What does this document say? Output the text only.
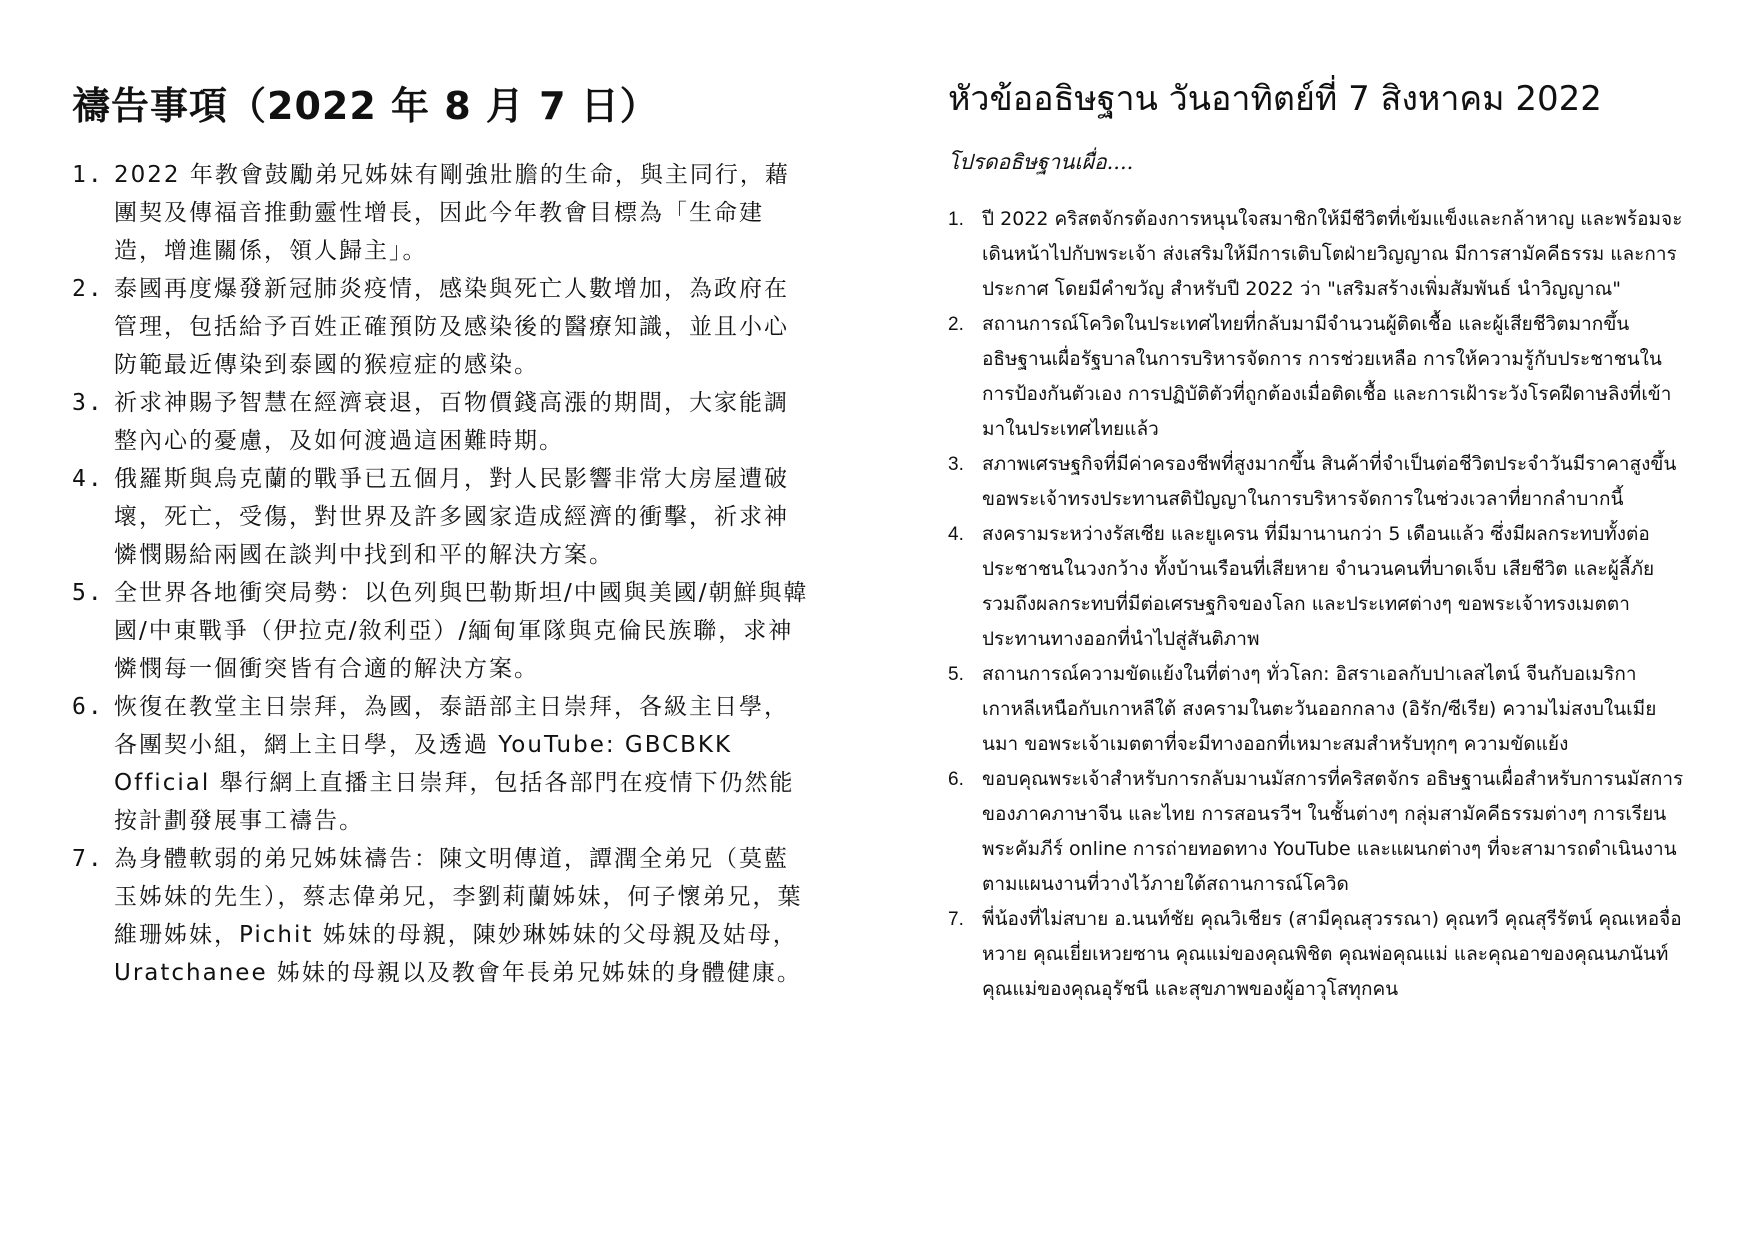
禱告事項（2022 年 8 月 7 日）
1. 2022 年教會鼓勵弟兄姊妹有剛強壯膽的生命，與主同行，藉團契及傳福音推動靈性增長，因此今年教會目標為「生命建造，增進關係，領人歸主」。
2. 泰國再度爆發新冠肺炎疫情，感染與死亡人數增加，為政府在管理，包括給予百姓正確預防及感染後的醫療知識，並且小心防範最近傳染到泰國的猴痘症的感染。
3. 祈求神賜予智慧在經濟衰退，百物價錢高漲的期間，大家能調整內心的憂慮，及如何渡過這困難時期。
4. 俄羅斯與烏克蘭的戰爭已五個月，對人民影響非常大房屋遭破壞，死亡，受傷，對世界及許多國家造成經濟的衝擊，祈求神憐憫賜給兩國在談判中找到和平的解決方案。
5. 全世界各地衝突局勢：以色列與巴勒斯坦/中國與美國/朝鮮與韓國/中東戰爭（伊拉克/敘利亞）/緬甸軍隊與克倫民族聯，求神憐憫每一個衝突皆有合適的解決方案。
6. 恢復在教堂主日崇拜，為國，泰語部主日崇拜，各級主日學，各團契小組，網上主日學，及透過 YouTube: GBCBKK Official 舉行網上直播主日崇拜，包括各部門在疫情下仍然能按計劃發展事工禱告。
7. 為身體軟弱的弟兄姊妹禱告：陳文明傳道，譚潤全弟兄（莫藍玉姊妹的先生），蔡志偉弟兄，李劉莉蘭姊妹，何子懷弟兄，葉維珊姊妹，Pichit 姊妹的母親，陳妙琳姊妹的父母親及姑母，Uratchanee 姊妹的母親以及教會年長弟兄姊妹的身體健康。
หัวข้ออธิษฐาน วันอาทิตย์ที่ 7 สิงหาคม 2022
โปรดอธิษฐานเผื่อ....
1. ปี 2022 คริสตจักรต้องการหนุนใจสมาชิกให้มีชีวิตที่เข้มแข็งและกล้าหาญ และพร้อมจะเดินหน้าไปกับพระเจ้า ส่งเสริมให้มีการเติบโตฝ่ายวิญญาณ มีการสามัคคีธรรม และการประกาศ โดยมีคำขวัญ สำหรับปี 2022 ว่า "เสริมสร้างเพิ่มสัมพันธ์ นำวิญญาณ"
2. สถานการณ์โควิดในประเทศไทยที่กลับมามีจำนวนผู้ติดเชื้อ และผู้เสียชีวิตมากขึ้น อธิษฐานเผื่อรัฐบาลในการบริหารจัดการ การช่วยเหลือ การให้ความรู้กับประชาชนในการป้องกันตัวเอง การปฏิบัติตัวที่ถูกต้องเมื่อติดเชื้อ และการเฝ้าระวังโรคฝีดาษลิงที่เข้ามาในประเทศไทยแล้ว
3. สภาพเศรษฐกิจที่มีค่าครองชีพที่สูงมากขึ้น สินค้าที่จำเป็นต่อชีวิตประจำวันมีราคาสูงขึ้น ขอพระเจ้าทรงประทานสติปัญญาในการบริหารจัดการในช่วงเวลาที่ยากลำบากนี้
4. สงครามระหว่างรัสเซีย และยูเครน ที่มีมานานกว่า 5 เดือนแล้ว ซึ่งมีผลกระทบทั้งต่อประชาชนในวงกว้าง ทั้งบ้านเรือนที่เสียหาย จำนวนคนที่บาดเจ็บ เสียชีวิต และผู้ลี้ภัย รวมถึงผลกระทบที่มีต่อเศรษฐกิจของโลก และประเทศต่างๆ ขอพระเจ้าทรงเมตตา ประทานทางออกที่นำไปสู่สันติภาพ
5. สถานการณ์ความขัดแย้งในที่ต่างๆ ทั่วโลก: อิสราเอลกับปาเลสไตน์ จีนกับอเมริกา เกาหลีเหนือกับเกาหลีใต้ สงครามในตะวันออกกลาง (อิรัก/ซีเรีย) ความไม่สงบในเมียนมา ขอพระเจ้าเมตตาที่จะมีทางออกที่เหมาะสมสำหรับทุกๆ ความขัดแย้ง
6. ขอบคุณพระเจ้าสำหรับการกลับมานมัสการที่คริสตจักร อธิษฐานเผื่อสำหรับการนมัสการของภาคภาษาจีน และไทย การสอนรวีฯ ในชั้นต่างๆ กลุ่มสามัคคีธรรมต่างๆ การเรียนพระคัมภีร์ online การถ่ายทอดทาง YouTube และแผนกต่างๆ ที่จะสามารถดำเนินงานตามแผนงานที่วางไว้ภายใต้สถานการณ์โควิด
7. พี่น้องที่ไม่สบาย อ.นนท์ชัย คุณวิเชียร (สามีคุณสุวรรณา) คุณทวี คุณสุรีรัตน์ คุณเหอจื่อหวาย คุณเยี่ยเหวยซาน คุณแม่ของคุณพิชิต คุณพ่อคุณแม่ และคุณอาของคุณนภนันท์ คุณแม่ของคุณอุรัชนี และสุขภาพของผู้อาวุโสทุกคน
